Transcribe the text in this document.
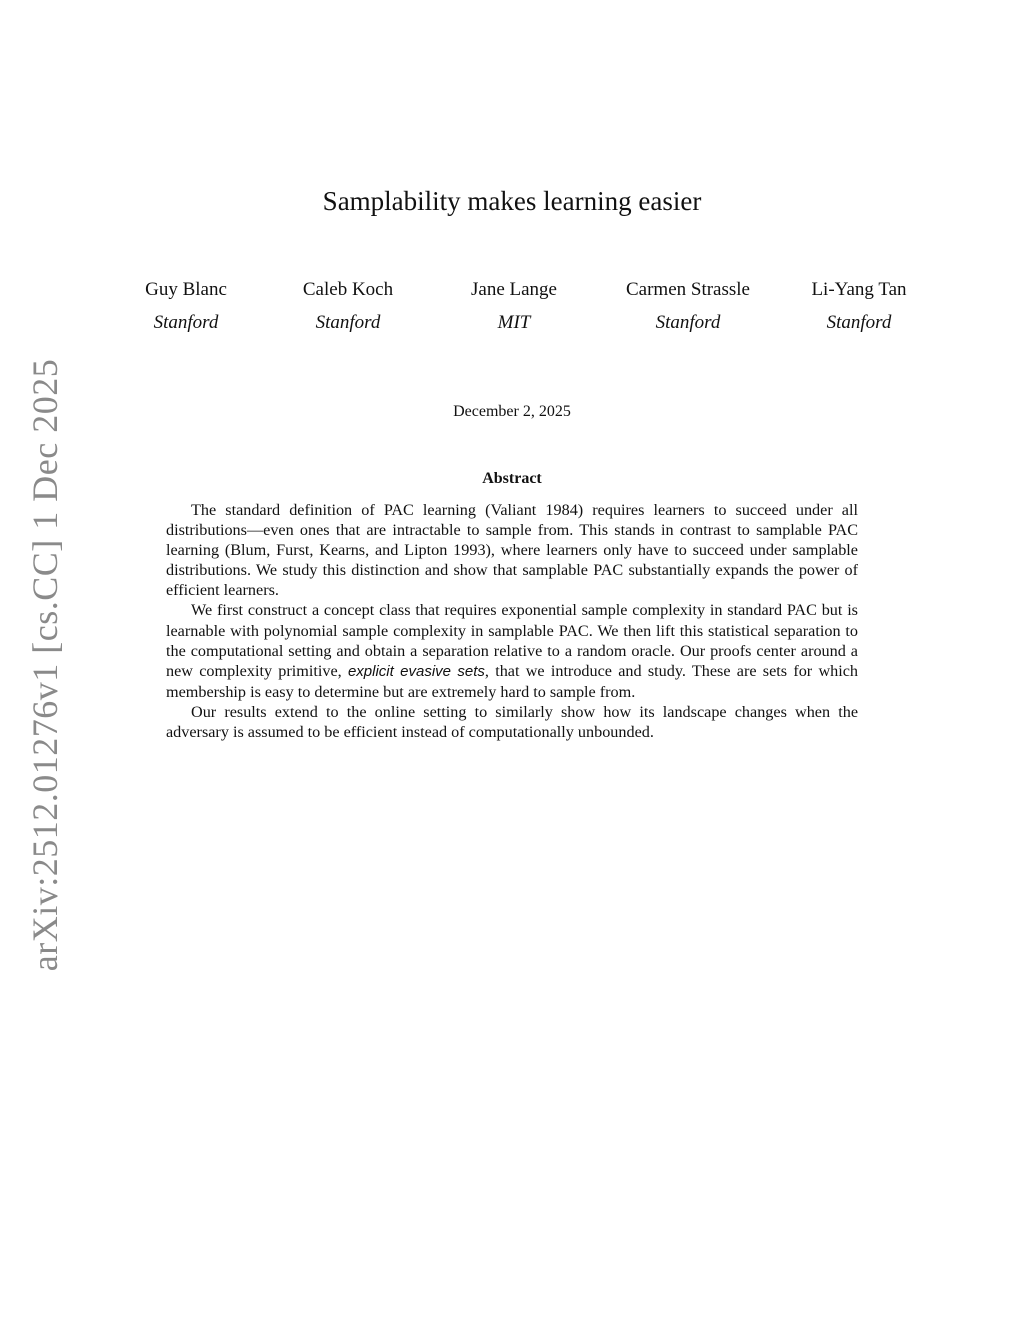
arXiv:2512.01276v1 [cs.CC] 1 Dec 2025
Samplability makes learning easier
Guy Blanc
Stanford
Caleb Koch
Stanford
Jane Lange
MIT
Carmen Strassle
Stanford
Li-Yang Tan
Stanford
December 2, 2025
Abstract

The standard definition of PAC learning (Valiant 1984) requires learners to succeed under all distributions—even ones that are intractable to sample from. This stands in contrast to samplable PAC learning (Blum, Furst, Kearns, and Lipton 1993), where learners only have to succeed under samplable distributions. We study this distinction and show that samplable PAC substantially expands the power of efficient learners.

We first construct a concept class that requires exponential sample complexity in standard PAC but is learnable with polynomial sample complexity in samplable PAC. We then lift this statistical separation to the computational setting and obtain a separation relative to a random oracle. Our proofs center around a new complexity primitive, explicit evasive sets, that we introduce and study. These are sets for which membership is easy to determine but are extremely hard to sample from.

Our results extend to the online setting to similarly show how its landscape changes when the adversary is assumed to be efficient instead of computationally unbounded.
